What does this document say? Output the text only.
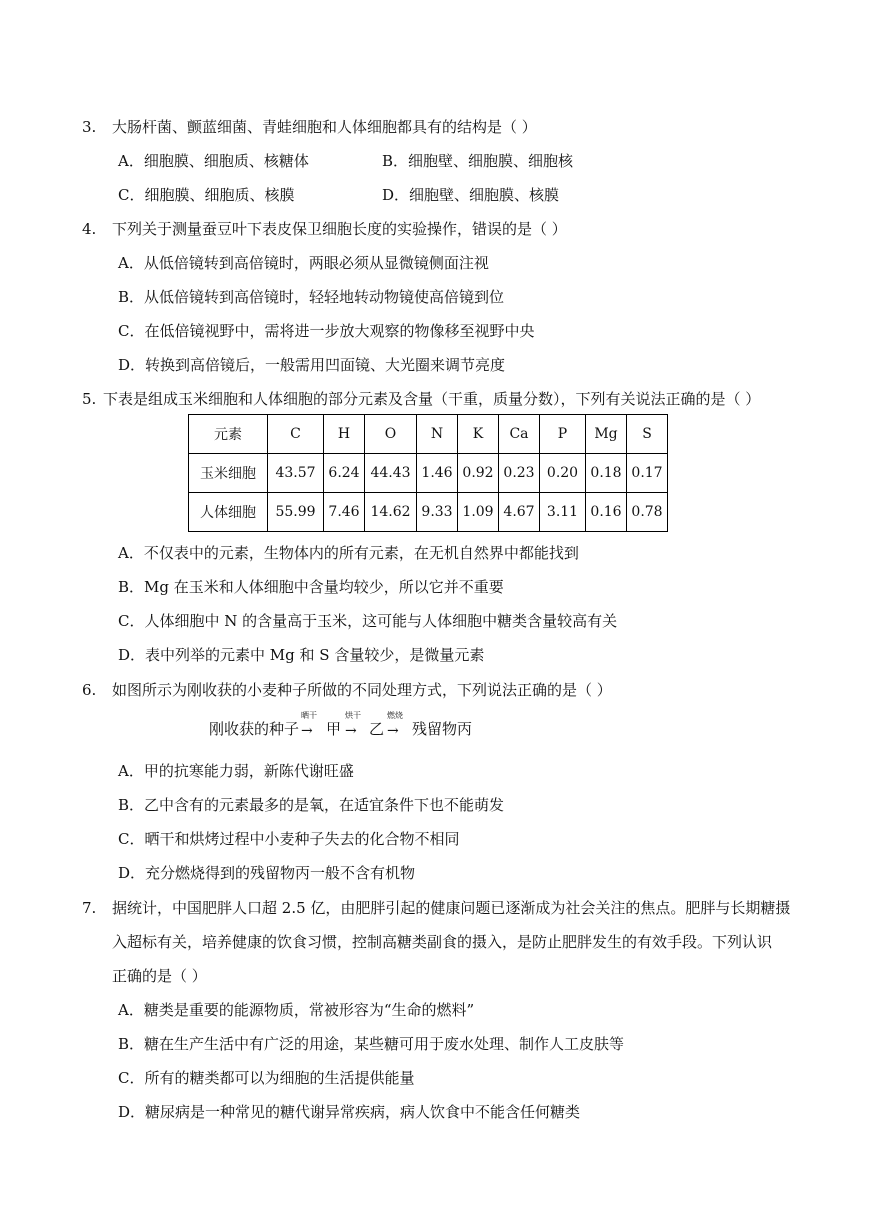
3. 大肠杆菌、颤蓝细菌、青蛙细胞和人体细胞都具有的结构是（ ）
A．细胞膜、细胞质、核糖体	B．细胞壁、细胞膜、细胞核
C．细胞膜、细胞质、核膜	D．细胞壁、细胞膜、核膜
4. 下列关于测量蚕豆叶下表皮保卫细胞长度的实验操作，错误的是（ ）
A．从低倍镜转到高倍镜时，两眼必须从显微镜侧面注视
B．从低倍镜转到高倍镜时，轻轻地转动物镜使高倍镜到位
C．在低倍镜视野中，需将进一步放大观察的物像移至视野中央
D．转换到高倍镜后，一般需用凹面镜、大光圈来调节亮度
5. 下表是组成玉米细胞和人体细胞的部分元素及含量（干重，质量分数），下列有关说法正确的是（ ）
元素	C	H	O	N	K	Ca	P	Mg	S
玉米细胞	43.57	6.24	44.43	1.46	0.92	0.23	0.20	0.18	0.17
人体细胞	55.99	7.46	14.62	9.33	1.09	4.67	3.11	0.16	0.78
A．不仅表中的元素，生物体内的所有元素，在无机自然界中都能找到
B．Mg 在玉米和人体细胞中含量均较少，所以它并不重要
C．人体细胞中 N 的含量高于玉米，这可能与人体细胞中糖类含量较高有关
D．表中列举的元素中 Mg 和 S 含量较少，是微量元素
6. 如图所示为刚收获的小麦种子所做的不同处理方式，下列说法正确的是（ ）
刚收获的种子
晒干
→ 甲
烘干
→ 乙
燃烧
→ 残留物丙
A．甲的抗寒能力弱，新陈代谢旺盛
B．乙中含有的元素最多的是氧，在适宜条件下也不能萌发
C．晒干和烘烤过程中小麦种子失去的化合物不相同
D．充分燃烧得到的残留物丙一般不含有机物
7. 据统计，中国肥胖人口超 2.5 亿，由肥胖引起的健康问题已逐渐成为社会关注的焦点。肥胖与长期糖摄
入超标有关，培养健康的饮食习惯，控制高糖类副食的摄入，是防止肥胖发生的有效手段。下列认识
正确的是（ ）
A．糖类是重要的能源物质，常被形容为“生命的燃料”
B．糖在生产生活中有广泛的用途，某些糖可用于废水处理、制作人工皮肤等
C．所有的糖类都可以为细胞的生活提供能量
D．糖尿病是一种常见的糖代谢异常疾病，病人饮食中不能含任何糖类
